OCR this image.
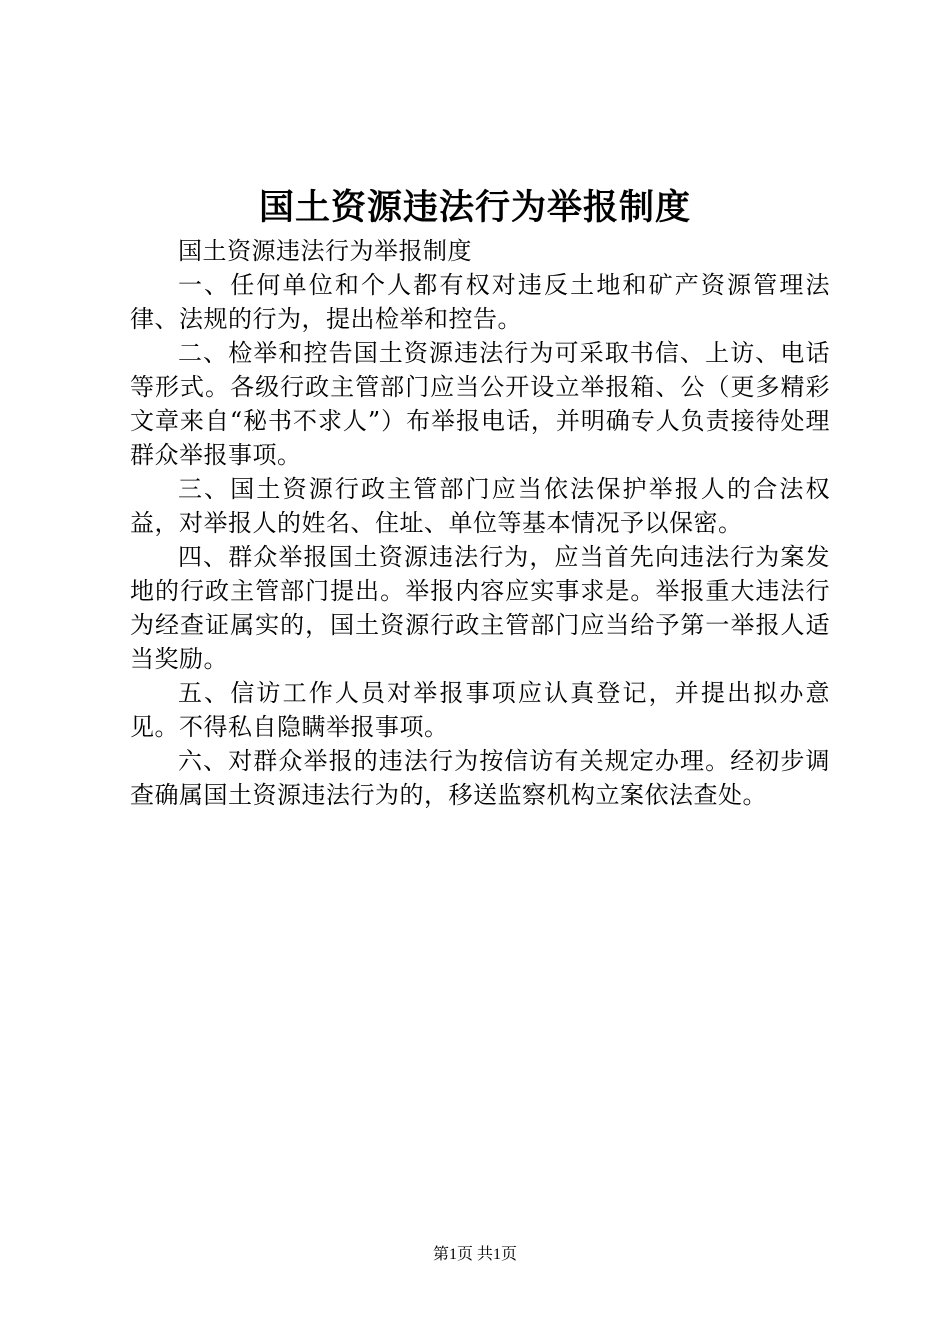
国土资源违法行为举报制度

国土资源违法行为举报制度

一、任何单位和个人都有权对违反土地和矿产资源管理法律、法规的行为，提出检举和控告。

二、检举和控告国土资源违法行为可采取书信、上访、电话等形式。各级行政主管部门应当公开设立举报箱、公（更多精彩文章来自“秘书不求人”）布举报电话，并明确专人负责接待处理群众举报事项。

三、国土资源行政主管部门应当依法保护举报人的合法权益，对举报人的姓名、住址、单位等基本情况予以保密。

四、群众举报国土资源违法行为，应当首先向违法行为案发地的行政主管部门提出。举报内容应实事求是。举报重大违法行为经查证属实的，国土资源行政主管部门应当给予第一举报人适当奖励。

五、信访工作人员对举报事项应认真登记，并提出拟办意见。不得私自隐瞒举报事项。

六、对群众举报的违法行为按信访有关规定办理。经初步调查确属国土资源违法行为的，移送监察机构立案依法查处。

第1页 共1页
